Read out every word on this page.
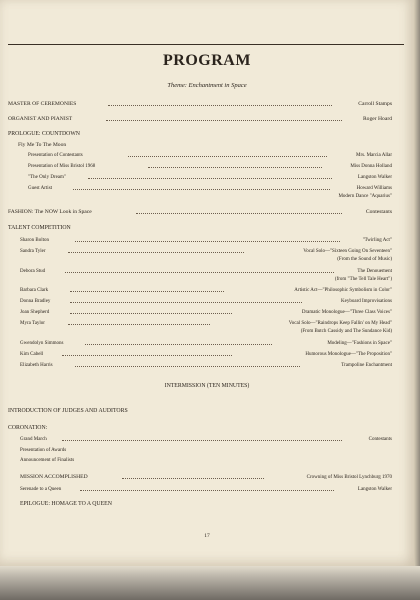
PROGRAM
Theme: Enchantment in Space
MASTER OF CEREMONIES	Carroll Stamps
ORGANIST AND PIANIST	Roger Hoard
PROLOGUE: COUNTDOWN
Fly Me To The Moon
Presentation of Contestants	Mrs. Marcia Allar
Presentation of Miss Bristol 1968	Miss Donna Holland
"The Only Dream"	Langston Walker
Guest Artist	Howard Williams
Modern Dance "Aquarius"
FASHION: The NOW Look in Space	Contestants
TALENT COMPETITION
Sharon Bolton	"Twirling Act"
Sandra Tyler	Vocal Solo—"Sixteen Going On Seventeen"
(From the Sound of Music)
Debora Stud	The Denouement
(from "The Tell Tale Heart")
Barbara Clark	Artistic Act—"Philosophic Symbolism in Color"
Donna Bradley	Keyboard Improvisations
Joan Shepherd	Dramatic Monologue—"Three Class Voices"
Myra Taylor	Vocal Solo—"Raindrops Keep Fallin' on My Head"
(From Butch Cassidy and The Sundance Kid)
Gwendolyn Simmons	Modeling—"Fashions in Space"
Kim Cabell	Humorous Monologue—"The Proposition"
Elizabeth Harris	Trampoline Enchantment
INTERMISSION (TEN MINUTES)
INTRODUCTION OF JUDGES AND AUDITORS
CORONATION:
Grand March	Contestants
Presentation of Awards
Announcement of Finalists
MISSION ACCOMPLISHED	Crowning of Miss Bristol Lynchburg 1970
Serenade to a Queen	Langston Walker
EPILOGUE: HOMAGE TO A QUEEN
17
